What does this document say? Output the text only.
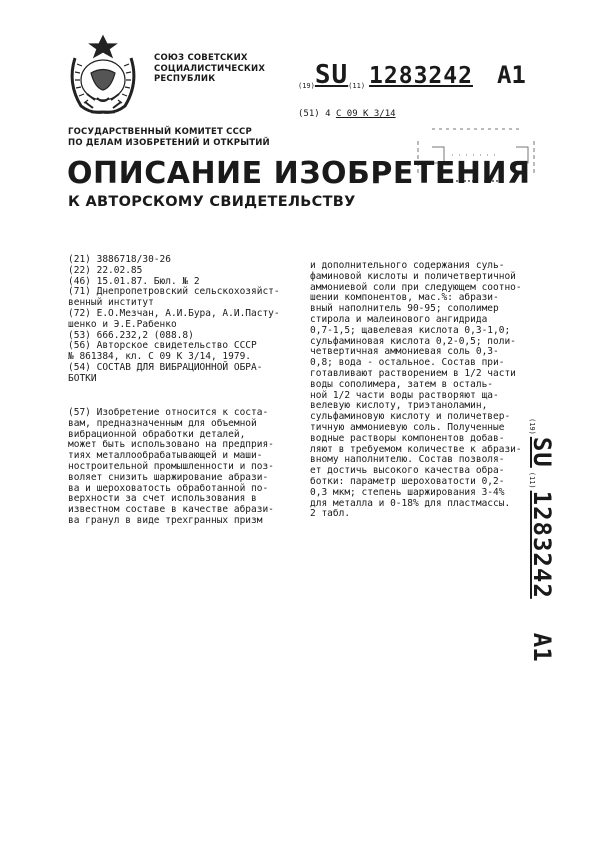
СОЮЗ СОВЕТСКИХ
СОЦИАЛИСТИЧЕСКИХ
РЕСПУБЛИК
(19)SU(11) 1283242 A1
(51) 4 С 09 К 3/14
ГОСУДАРСТВЕННЫЙ КОМИТЕТ СССР
ПО ДЕЛАМ ИЗОБРЕТЕНИЙ И ОТКРЫТИЙ
ОПИСАНИЕ ИЗОБРЕТЕНИЯ
К АВТОРСКОМУ СВИДЕТЕЛЬСТВУ
(21) 3886718/30-26
(22) 22.02.85
(46) 15.01.87. Бюл. № 2
(71) Днепропетровский сельскохозяйст-
венный институт
(72) Е.О.Мезчан, А.И.Бура, А.И.Пасту-
шенко и Э.Е.Рабенко
(53) 666.232,2 (088.8)
(56) Авторское свидетельство СССР
№ 861384, кл. С 09 К 3/14, 1979.
(54) СОСТАВ ДЛЯ ВИБРАЦИОННОЙ ОБРА-
БОТКИ
(57) Изобретение относится к соста-
вам, предназначенным для объемной
вибрационной обработки деталей,
может быть использовано на предприя-
тиях металлообрабатывающей и маши-
ностроительной промышленности и поз-
воляет снизить шаржирование абрази-
ва и шероховатость обработанной по-
верхности за счет использования в
известном составе в качестве абрази-
ва гранул в виде трехгранных призм
и дополнительного содержания суль-
фаминовой кислоты и поличетвертичной
аммониевой соли при следующем соотно-
шении компонентов, мас.%: абрази-
вный наполнитель 90-95; сополимер
стирола и малеинового ангидрида
0,7-1,5; щавелевая кислота 0,3-1,0;
сульфаминовая кислота 0,2-0,5; поли-
четвертичная аммониевая соль 0,3-
0,8; вода - остальное. Состав при-
готавливают растворением в 1/2 части
воды сополимера, затем в осталь-
ной 1/2 части воды растворяют ща-
велевую кислоту, триэтаноламин,
сульфаминовую кислоту и поличетвер-
тичную аммониевую соль. Полученные
водные растворы компонентов добав-
ляют в требуемом количестве к абрази-
вному наполнителю. Состав позволя-
ет достичь высокого качества обра-
ботки: параметр шероховатости 0,2-
0,3 мкм; степень шаржирования 3-4%
для металла и 0-18% для пластмассы.
2 табл.
(19)
SU
(11)
1283242
A1
